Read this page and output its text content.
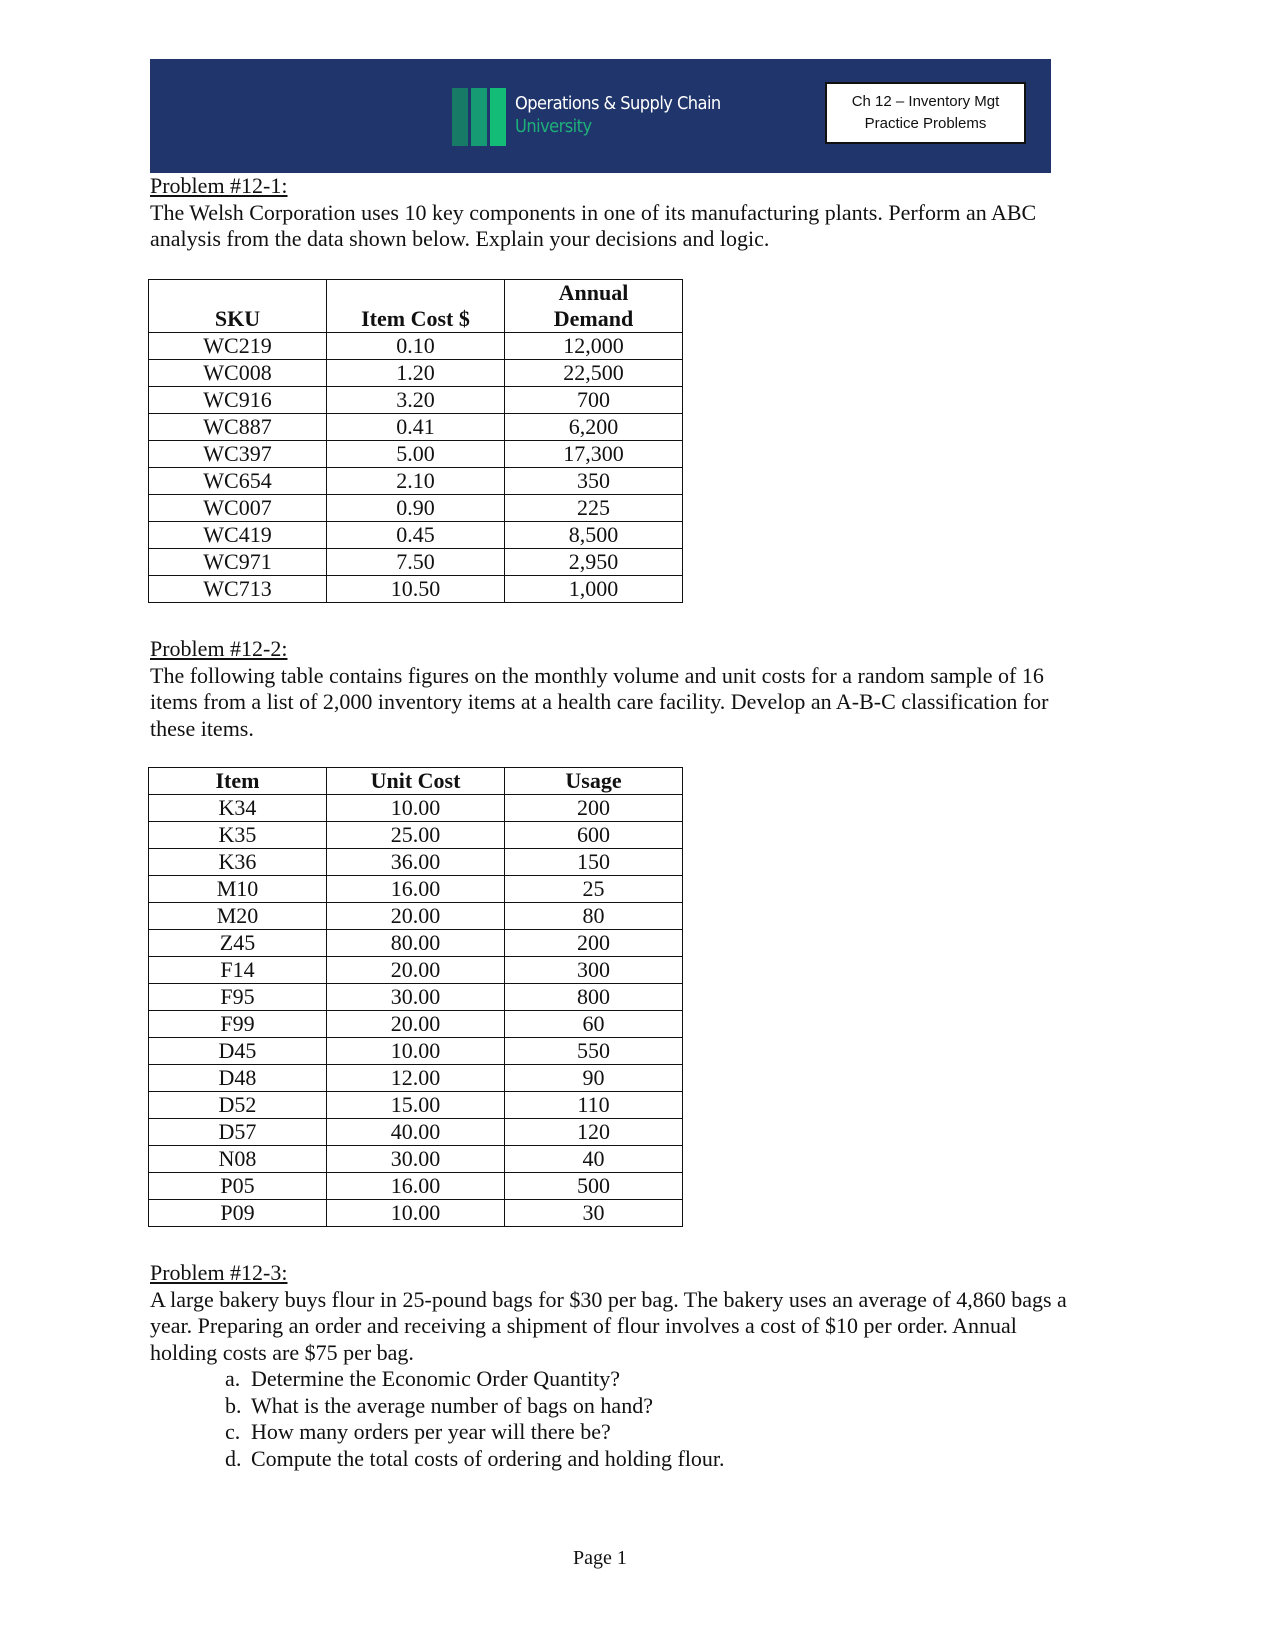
Operations & Supply Chain
University
Ch 12 – Inventory Mgt
Practice Problems
Problem #12-1:

The Welsh Corporation uses 10 key components in one of its manufacturing plants. Perform an ABC analysis from the data shown below. Explain your decisions and logic.

SKU	Item Cost $	Annual
Demand
WC219	0.10	12,000
WC008	1.20	22,500
WC916	3.20	700
WC887	0.41	6,200
WC397	5.00	17,300
WC654	2.10	350
WC007	0.90	225
WC419	0.45	8,500
WC971	7.50	2,950
WC713	10.50	1,000
Problem #12-2:

The following table contains figures on the monthly volume and unit costs for a random sample of 16 items from a list of 2,000 inventory items at a health care facility. Develop an A-B-C classification for these items.

Item	Unit Cost	Usage
K34	10.00	200
K35	25.00	600
K36	36.00	150
M10	16.00	25
M20	20.00	80
Z45	80.00	200
F14	20.00	300
F95	30.00	800
F99	20.00	60
D45	10.00	550
D48	12.00	90
D52	15.00	110
D57	40.00	120
N08	30.00	40
P05	16.00	500
P09	10.00	30
Problem #12-3:

A large bakery buys flour in 25-pound bags for $30 per bag. The bakery uses an average of 4,860 bags a year. Preparing an order and receiving a shipment of flour involves a cost of $10 per order. Annual holding costs are $75 per bag.

a. Determine the Economic Order Quantity?
b. What is the average number of bags on hand?
c. How many orders per year will there be?
d. Compute the total costs of ordering and holding flour.
Page 1
